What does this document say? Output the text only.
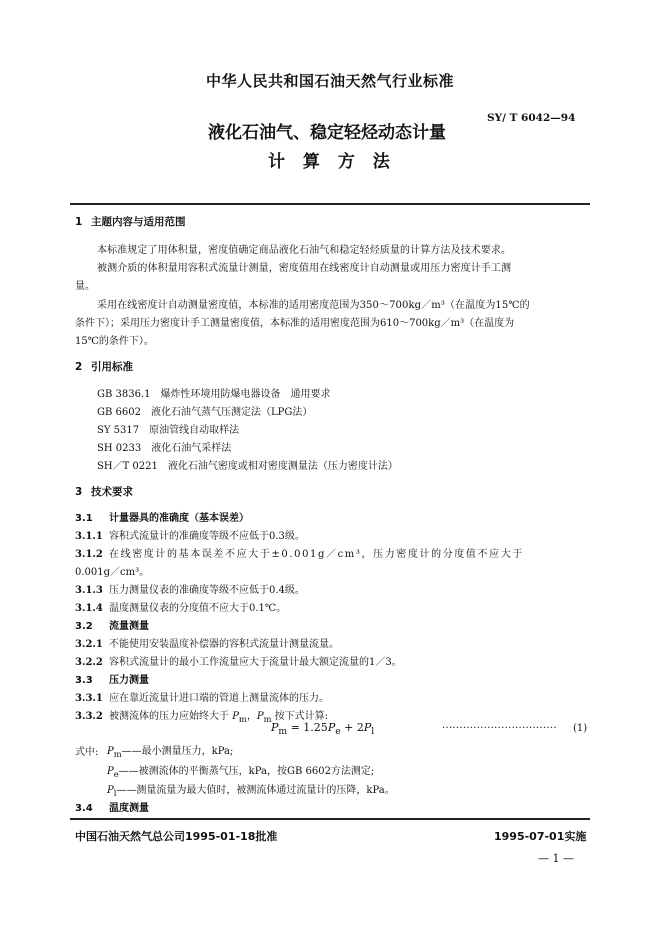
中华人民共和国石油天然气行业标准
液化石油气、稳定轻烃动态计量
SY/ T 6042—94
计 算 方 法
1 主题内容与适用范围
本标准规定了用体积量，密度值确定商品液化石油气和稳定轻烃质量的计算方法及技术要求。
被测介质的体积量用容积式流量计测量，密度值用在线密度计自动测量或用压力密度计手工测
量。
采用在线密度计自动测量密度值，本标准的适用密度范围为350～700kg／m³（在温度为15℃的
条件下）；采用压力密度计手工测量密度值，本标准的适用密度范围为610～700kg／m³（在温度为
15℃的条件下）。
2 引用标准
GB 3836.1　爆炸性环境用防爆电器设备　通用要求
GB 6602　液化石油气蒸气压测定法（LPG法）
SY 5317　原油管线自动取样法
SH 0233　液化石油气采样法
SH／T 0221　液化石油气密度或相对密度测量法（压力密度计法）
3 技术要求
3.1 计量器具的准确度（基本误差）
3.1.1 容积式流量计的准确度等级不应低于0.3级。
3.1.2 在线密度计的基本误差不应大于±0.001g／cm³，压力密度计的分度值不应大于
0.001g／cm³。
3.1.3 压力测量仪表的准确度等级不应低于0.4级。
3.1.4 温度测量仪表的分度值不应大于0.1℃。
3.2 流量测量
3.2.1 不能使用安装温度补偿器的容积式流量计测量流量。
3.2.2 容积式流量计的最小工作流量应大于流量计最大额定流量的1／3。
3.3 压力测量
3.3.1 应在靠近流量计进口端的管道上测量流体的压力。
3.3.2 被测流体的压力应始终大于 $P_m$，$P_m$ 按下式计算:
$P_m = 1.25P_e + 2P_l$	································· (1)
式中: $P_m——$最小测量压力，kPa;
$P_e——$被测流体的平衡蒸气压，kPa，按GB 6602方法测定;
$P_l——$测量流量为最大值时，被测流体通过流量计的压降，kPa。
3.4 温度测量
中国石油天然气总公司1995-01-18批准	1995-07-01实施
— 1 —
